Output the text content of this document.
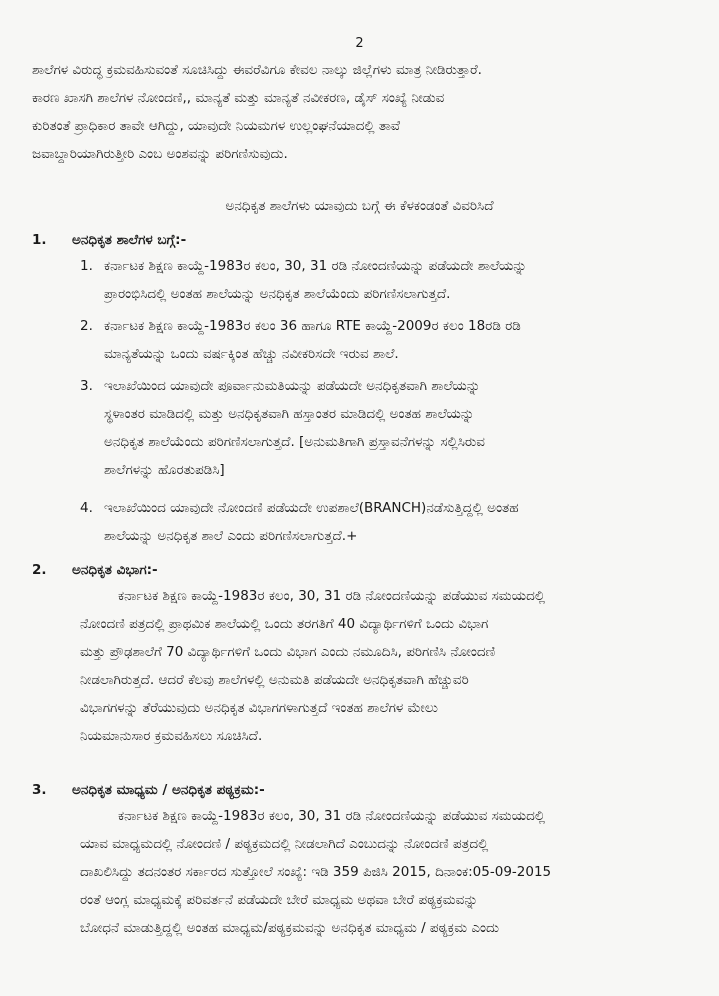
2
ಶಾಲೆಗಳ ವಿರುದ್ಧ ಕ್ರಮವಹಿಸುವಂತೆ ಸೂಚಿಸಿದ್ದು ಈವರೆವಿಗೂ ಕೇವಲ ನಾಲ್ಕು ಜಿಲ್ಲೆಗಳು ಮಾತ್ರ ನೀಡಿರುತ್ತಾರೆ.
ಕಾರಣ ಖಾಸಗಿ ಶಾಲೆಗಳ ನೋಂದಣಿ,, ಮಾನ್ಯತೆ ಮತ್ತು ಮಾನ್ಯತೆ ನವೀಕರಣ, ಡೈಸ್ ಸಂಖ್ಯೆ ನೀಡುವ
ಕುರಿತಂತೆ ಪ್ರಾಧಿಕಾರ ತಾವೇ ಆಗಿದ್ದು, ಯಾವುದೇ ನಿಯಮಗಳ ಉಲ್ಲಂಘನೆಯಾದಲ್ಲಿ ತಾವೆ
ಜವಾಬ್ದಾರಿಯಾಗಿರುತ್ತೀರಿ ಎಂಬ ಅಂಶವನ್ನು ಪರಿಗಣಿಸುವುದು.
ಅನಧಿಕೃತ ಶಾಲೆಗಳು ಯಾವುದು ಬಗ್ಗೆ ಈ ಕೆಳಕಂಡಂತೆ ವಿವರಿಸಿದೆ
1. ಅನಧಿಕೃತ ಶಾಲೆಗಳ ಬಗ್ಗೆ:-
1. ಕರ್ನಾಟಕ ಶಿಕ್ಷಣ ಕಾಯ್ದೆ-1983ರ ಕಲಂ, 30, 31 ರಡಿ ನೋಂದಣಿಯನ್ನು ಪಡೆಯದೇ ಶಾಲೆಯನ್ನು
ಪ್ರಾರಂಭಿಸಿದಲ್ಲಿ ಅಂತಹ ಶಾಲೆಯನ್ನು ಅನಧಿಕೃತ ಶಾಲೆಯೆಂದು ಪರಿಗಣಿಸಲಾಗುತ್ತದೆ.
2. ಕರ್ನಾಟಕ ಶಿಕ್ಷಣ ಕಾಯ್ದೆ-1983ರ ಕಲಂ 36 ಹಾಗೂ RTE ಕಾಯ್ದೆ-2009ರ ಕಲಂ 18ರಡಿ ರಡಿ
ಮಾನ್ಯತೆಯನ್ನು ಒಂದು ವರ್ಷಕ್ಕಿಂತ ಹೆಚ್ಚು ನವೀಕರಿಸದೇ ಇರುವ ಶಾಲೆ.
3. ಇಲಾಖೆಯಿಂದ ಯಾವುದೇ ಪೂರ್ವಾನುಮತಿಯನ್ನು ಪಡೆಯದೇ ಅನಧಿಕೃತವಾಗಿ ಶಾಲೆಯನ್ನು
ಸ್ಥಳಾಂತರ ಮಾಡಿದಲ್ಲಿ ಮತ್ತು ಅನಧಿಕೃತವಾಗಿ ಹಸ್ತಾಂತರ ಮಾಡಿದಲ್ಲಿ ಅಂತಹ ಶಾಲೆಯನ್ನು
ಅನಧಿಕೃತ ಶಾಲೆಯೆಂದು ಪರಿಗಣಿಸಲಾಗುತ್ತದೆ. [ಅನುಮತಿಗಾಗಿ ಪ್ರಸ್ತಾವನೆಗಳನ್ನು ಸಲ್ಲಿಸಿರುವ
ಶಾಲೆಗಳನ್ನು ಹೊರತುಪಡಿಸಿ]
4. ಇಲಾಖೆಯಿಂದ ಯಾವುದೇ ನೋಂದಣಿ ಪಡೆಯದೇ ಉಪಶಾಲೆ(BRANCH)ನಡೆಸುತ್ತಿದ್ದಲ್ಲಿ ಅಂತಹ
ಶಾಲೆಯನ್ನು ಅನಧಿಕೃತ ಶಾಲೆ ಎಂದು ಪರಿಗಣಿಸಲಾಗುತ್ತದೆ.+
2. ಅನಧಿಕೃತ ವಿಭಾಗ:-
ಕರ್ನಾಟಕ ಶಿಕ್ಷಣ ಕಾಯ್ದೆ-1983ರ ಕಲಂ, 30, 31 ರಡಿ ನೋಂದಣಿಯನ್ನು ಪಡೆಯುವ ಸಮಯದಲ್ಲಿ
ನೋಂದಣಿ ಪತ್ರದಲ್ಲಿ ಪ್ರಾಥಮಿಕ ಶಾಲೆಯಲ್ಲಿ ಒಂದು ತರಗತಿಗೆ 40 ವಿದ್ಯಾರ್ಥಿಗಳಿಗೆ ಒಂದು ವಿಭಾಗ
ಮತ್ತು ಪ್ರೌಢಶಾಲೆಗೆ 70 ವಿದ್ಯಾರ್ಥಿಗಳಿಗೆ ಒಂದು ವಿಭಾಗ ಎಂದು ನಮೂದಿಸಿ, ಪರಿಗಣಿಸಿ ನೋಂದಣಿ
ನೀಡಲಾಗಿರುತ್ತದೆ. ಆದರೆ ಕೆಲವು ಶಾಲೆಗಳಲ್ಲಿ ಅನುಮತಿ ಪಡೆಯದೇ ಅನಧಿಕೃತವಾಗಿ ಹೆಚ್ಚುವರಿ
ವಿಭಾಗಗಳನ್ನು ತೆರೆಯುವುದು ಅನಧಿಕೃತ ವಿಭಾಗಗಳಾಗುತ್ತದೆ ಇಂತಹ ಶಾಲೆಗಳ ಮೇಲು
ನಿಯಮಾನುಸಾರ ಕ್ರಮವಹಿಸಲು ಸೂಚಿಸಿದೆ.
3. ಅನಧಿಕೃತ ಮಾಧ್ಯಮ / ಅನಧಿಕೃತ ಪಠ್ಯಕ್ರಮ:-
ಕರ್ನಾಟಕ ಶಿಕ್ಷಣ ಕಾಯ್ದೆ-1983ರ ಕಲಂ, 30, 31 ರಡಿ ನೋಂದಣಿಯನ್ನು ಪಡೆಯುವ ಸಮಯದಲ್ಲಿ
ಯಾವ ಮಾಧ್ಯಮದಲ್ಲಿ ನೋಂದಣಿ / ಪಠ್ಯಕ್ರಮದಲ್ಲಿ ನೀಡಲಾಗಿದೆ ಎಂಬುದನ್ನು ನೋಂದಣಿ ಪತ್ರದಲ್ಲಿ
ದಾಖಲಿಸಿದ್ದು ತದನಂತರ ಸರ್ಕಾರದ ಸುತ್ತೋಲೆ ಸಂಖ್ಯೆ: ಇಡಿ 359 ಪಿಜಿಸಿ 2015, ದಿನಾಂಕ:05-09-2015
ರಂತೆ ಆಂಗ್ಲ ಮಾಧ್ಯಮಕ್ಕೆ ಪರಿವರ್ತನೆ ಪಡೆಯದೇ ಬೇರೆ ಮಾಧ್ಯಮ ಅಥವಾ ಬೇರೆ ಪಠ್ಯಕ್ರಮವನ್ನು
ಬೋಧನೆ ಮಾಡುತ್ತಿದ್ದಲ್ಲಿ ಅಂತಹ ಮಾಧ್ಯಮ/ಪಠ್ಯಕ್ರಮವನ್ನು ಅನಧಿಕೃತ ಮಾಧ್ಯಮ / ಪಠ್ಯಕ್ರಮ ಎಂದು
